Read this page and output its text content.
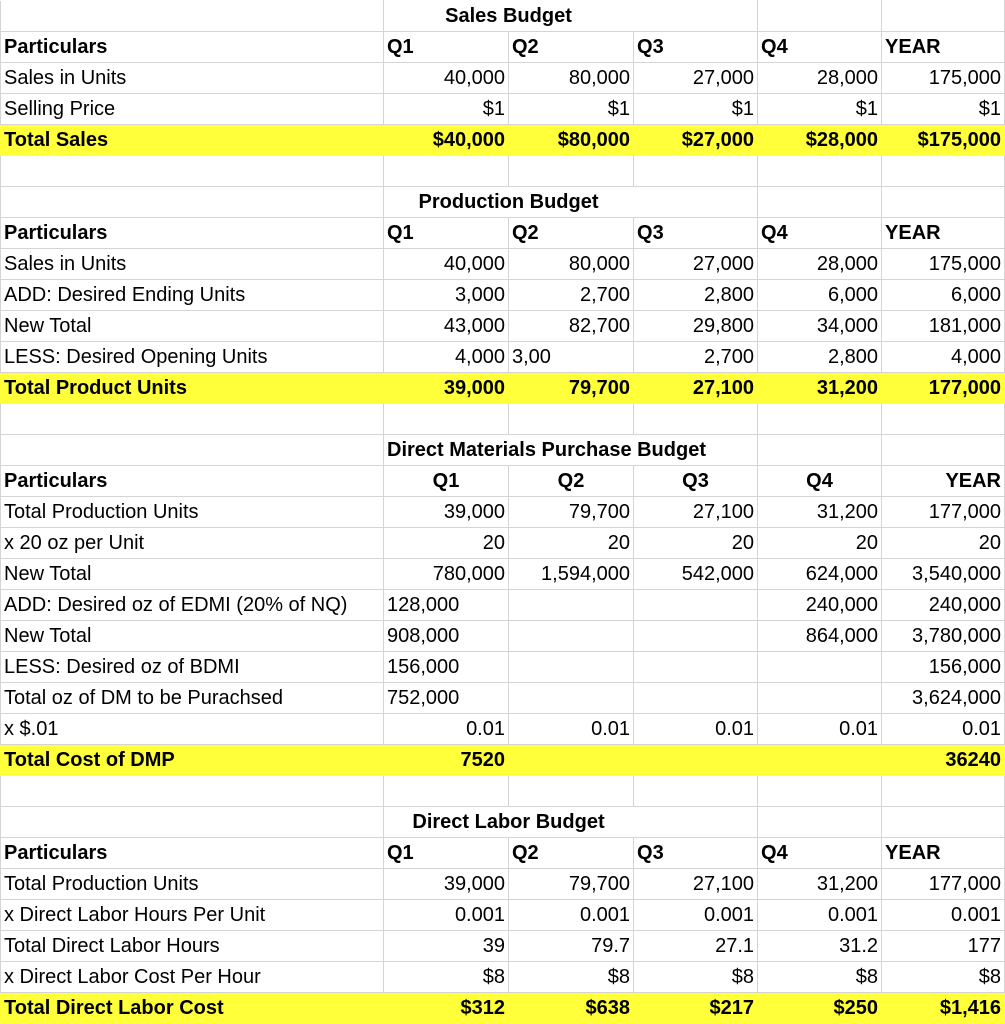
	Sales Budget				
Particulars	Q1	Q2	Q3	Q4	YEAR
Sales in Units	40,000	80,000	27,000	28,000	175,000
Selling Price	$1	$1	$1	$1	$1
Total Sales	$40,000	$80,000	$27,000	$28,000	$175,000

	Production Budget				
Particulars	Q1	Q2	Q3	Q4	YEAR
Sales in Units	40,000	80,000	27,000	28,000	175,000
ADD: Desired Ending Units	3,000	2,700	2,800	6,000	6,000
New Total	43,000	82,700	29,800	34,000	181,000
LESS: Desired Opening Units	4,000	3,00	2,700	2,800	4,000
Total Product Units	39,000	79,700	27,100	31,200	177,000

	Direct Materials Purchase Budget				
Particulars	Q1	Q2	Q3	Q4	YEAR
Total Production Units	39,000	79,700	27,100	31,200	177,000
x 20 oz per Unit	20	20	20	20	20
New Total	780,000	1,594,000	542,000	624,000	3,540,000
ADD: Desired oz of EDMI (20% of NQ)	128,000			240,000	240,000
New Total	908,000			864,000	3,780,000
LESS: Desired oz of BDMI	156,000				156,000
Total oz of DM to be Purachsed	752,000				3,624,000
x $.01	0.01	0.01	0.01	0.01	0.01
Total Cost of DMP	7520				36240

	Direct Labor Budget				
Particulars	Q1	Q2	Q3	Q4	YEAR
Total Production Units	39,000	79,700	27,100	31,200	177,000
x Direct Labor Hours Per Unit	0.001	0.001	0.001	0.001	0.001
Total Direct Labor Hours	39	79.7	27.1	31.2	177
x Direct Labor Cost Per Hour	$8	$8	$8	$8	$8
Total Direct Labor Cost	$312	$638	$217	$250	$1,416
